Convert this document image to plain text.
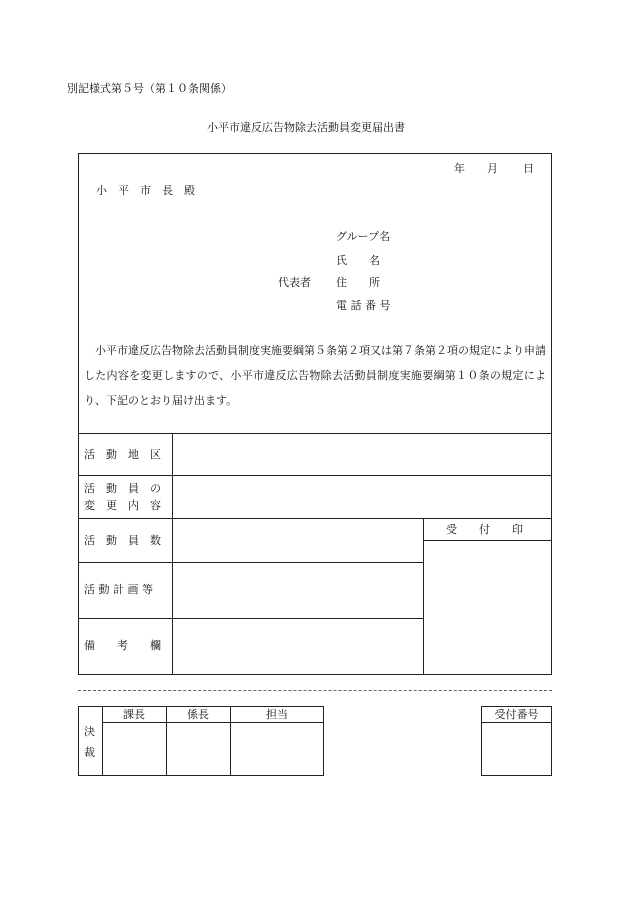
別記様式第５号（第１０条関係）
小平市違反広告物除去活動員変更届出書
年 月 日
小　平　市　長　殿
グループ名
氏　　名
代表者 住　　所
電 話 番 号
小平市違反広告物除去活動員制度実施要綱第５条第２項又は第７条第２項の規定により申請した内容を変更しますので、小平市違反広告物除去活動員制度実施要綱第１０条の規定により、下記のとおり届け出ます。
活　動　地　区
活　動　員　の
変　更　内　容
活　動　員　数
活 動 計 画 等
備　　考　　欄
受　　付　　印
決
裁
課長	係長	担当	受付番号
